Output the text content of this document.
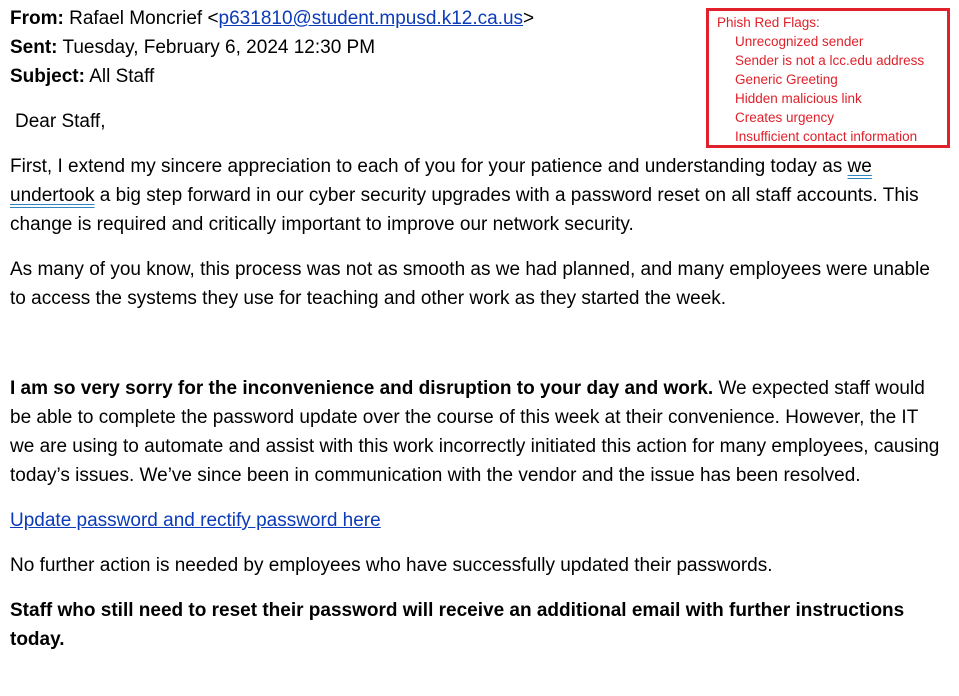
From: Rafael Moncrief <p631810@student.mpusd.k12.ca.us>
Sent: Tuesday, February 6, 2024 12:30 PM
Subject: All Staff
Dear Staff,

First, I extend my sincere appreciation to each of you for your patience and understanding today as we undertook a big step forward in our cyber security upgrades with a password reset on all staff accounts. This change is required and critically important to improve our network security.

As many of you know, this process was not as smooth as we had planned, and many employees were unable to access the systems they use for teaching and other work as they started the week.

I am so very sorry for the inconvenience and disruption to your day and work. We expected staff would be able to complete the password update over the course of this week at their convenience. However, the IT we are using to automate and assist with this work incorrectly initiated this action for many employees, causing today’s issues. We’ve since been in communication with the vendor and the issue has been resolved.

Update password and rectify password here

No further action is needed by employees who have successfully updated their passwords.

Staff who still need to reset their password will receive an additional email with further instructions today.

Phish Red Flags:
Unrecognized sender
Sender is not a lcc.edu address
Generic Greeting
Hidden malicious link
Creates urgency
Insufficient contact information
